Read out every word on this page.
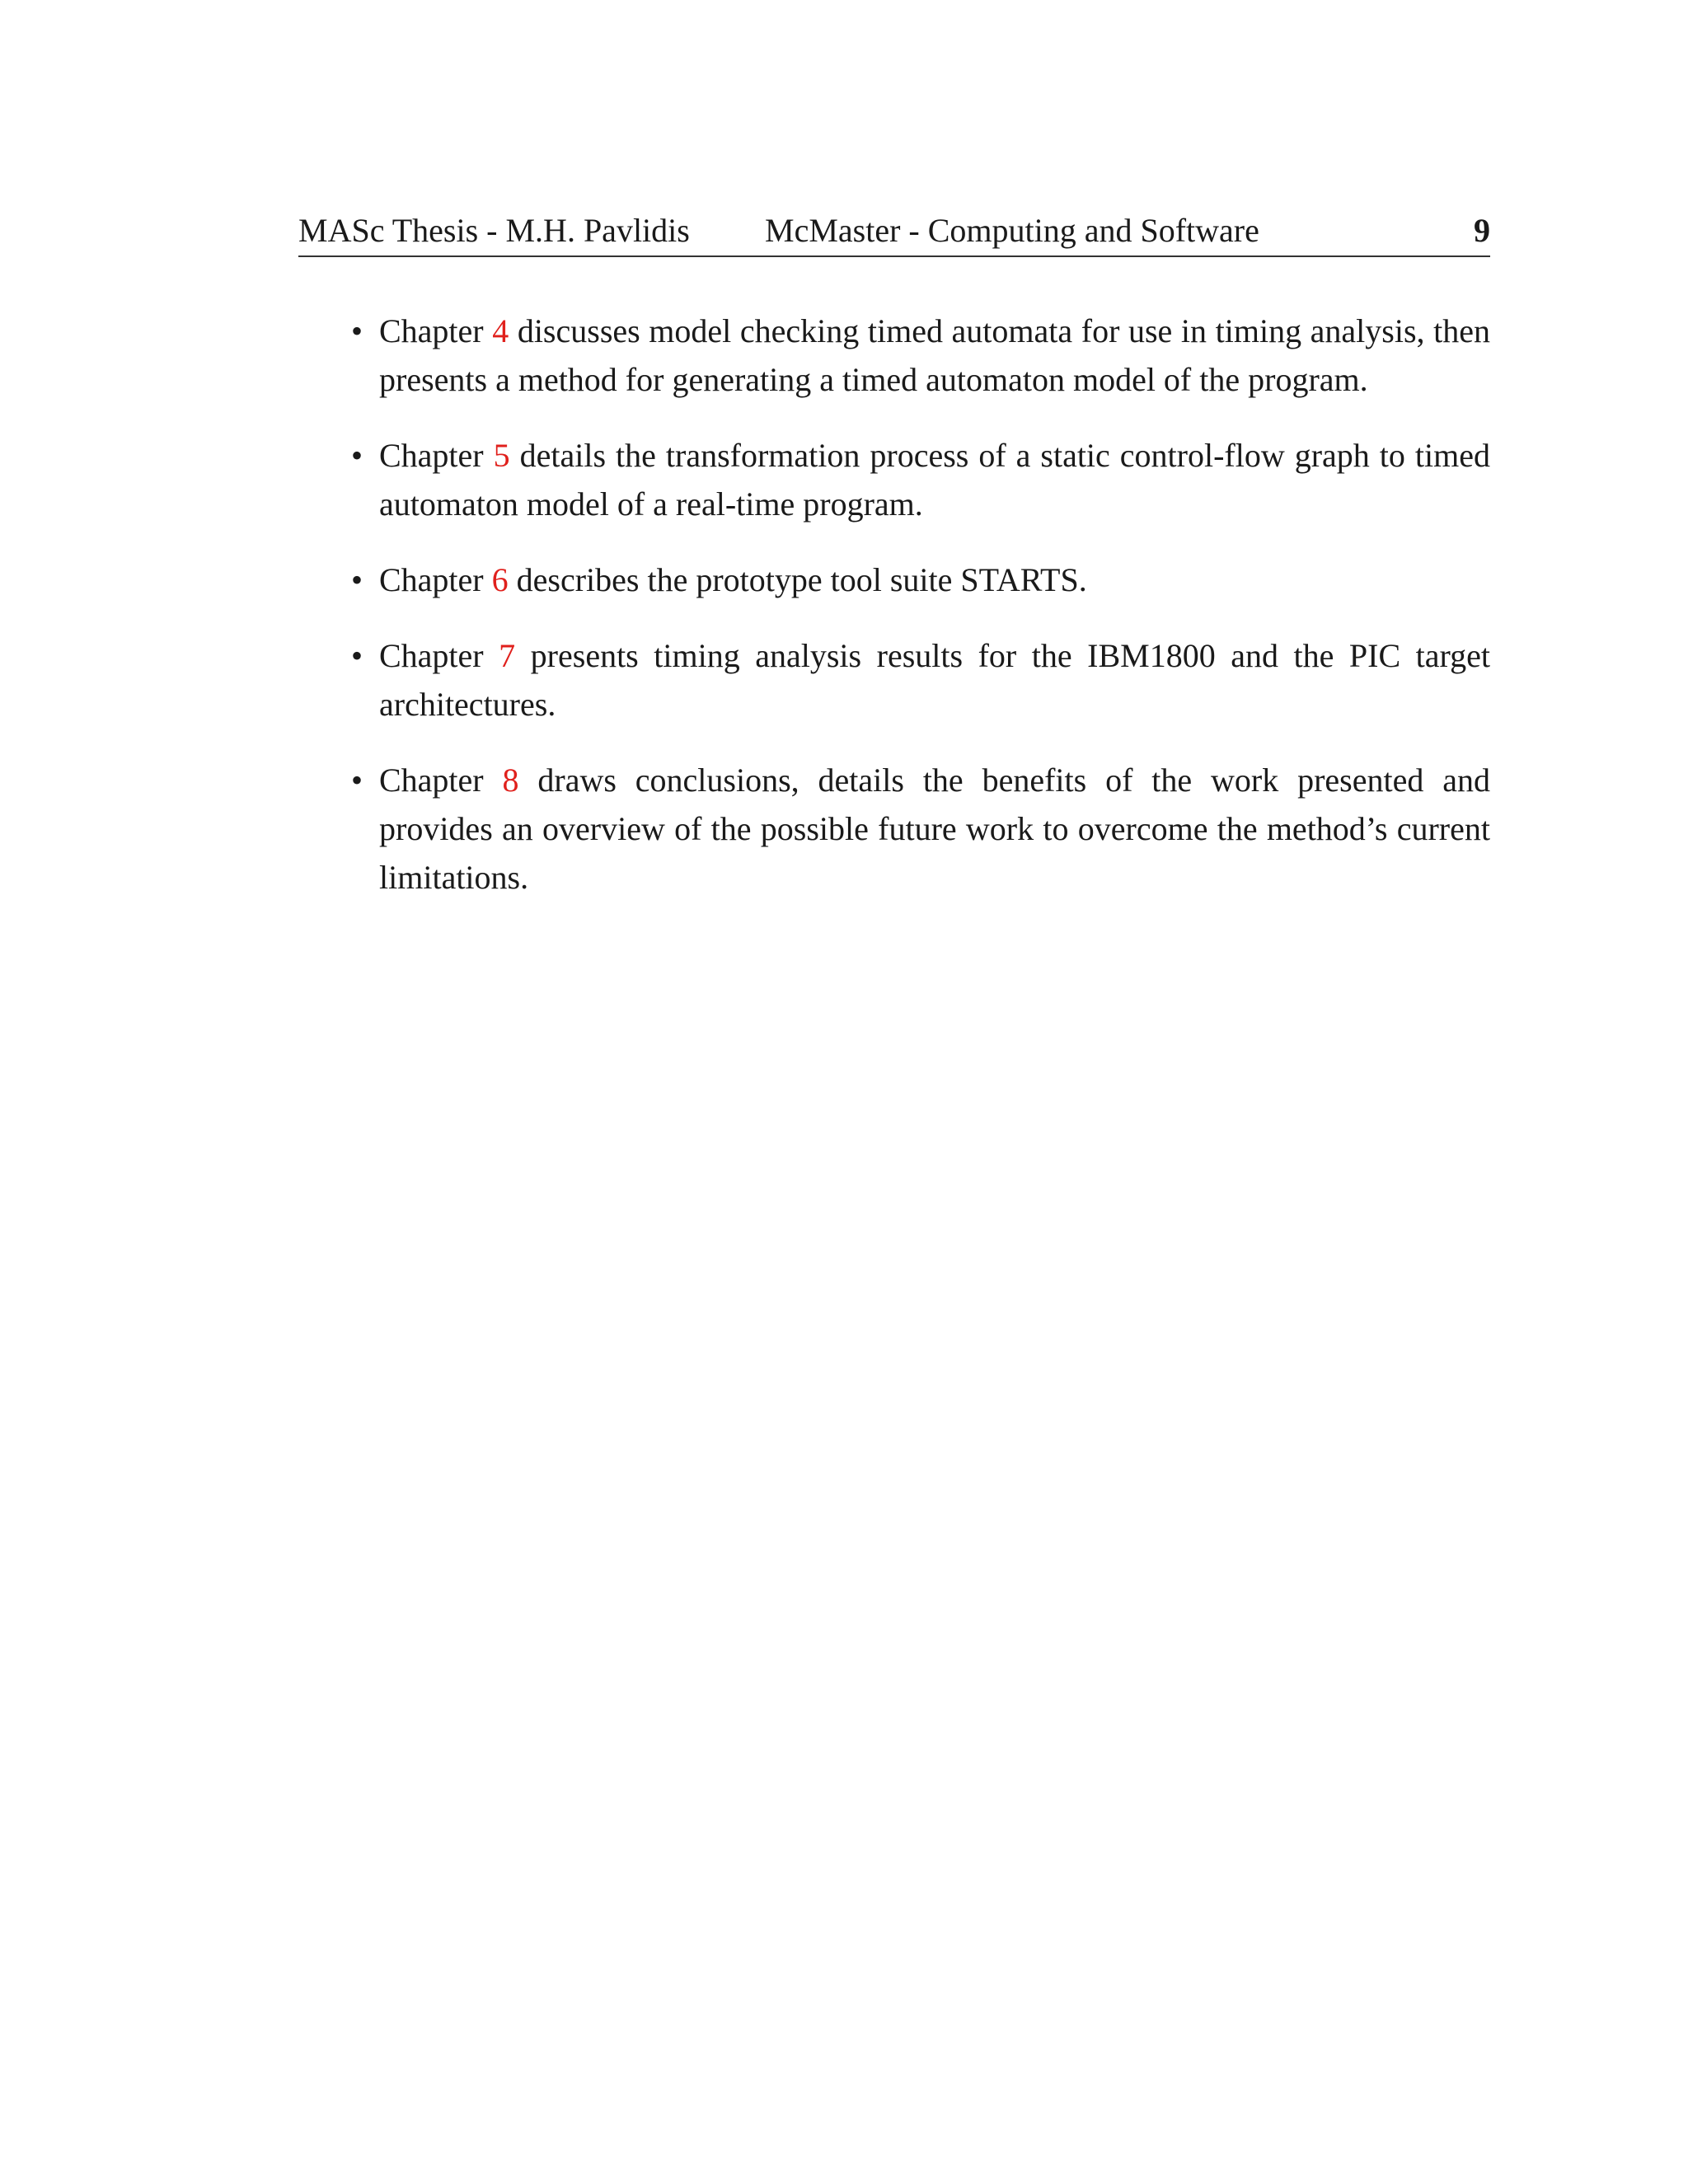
MASc Thesis - M.H. Pavlidis McMaster - Computing and Software	9
• Chapter 4 discusses model checking timed automata for use in timing analysis, then presents a method for generating a timed automaton model of the program.
• Chapter 5 details the transformation process of a static control-flow graph to timed automaton model of a real-time program.
• Chapter 6 describes the prototype tool suite STARTS.
• Chapter 7 presents timing analysis results for the IBM1800 and the PIC target architectures.
• Chapter 8 draws conclusions, details the benefits of the work presented and provides an overview of the possible future work to overcome the method’s current limitations.
